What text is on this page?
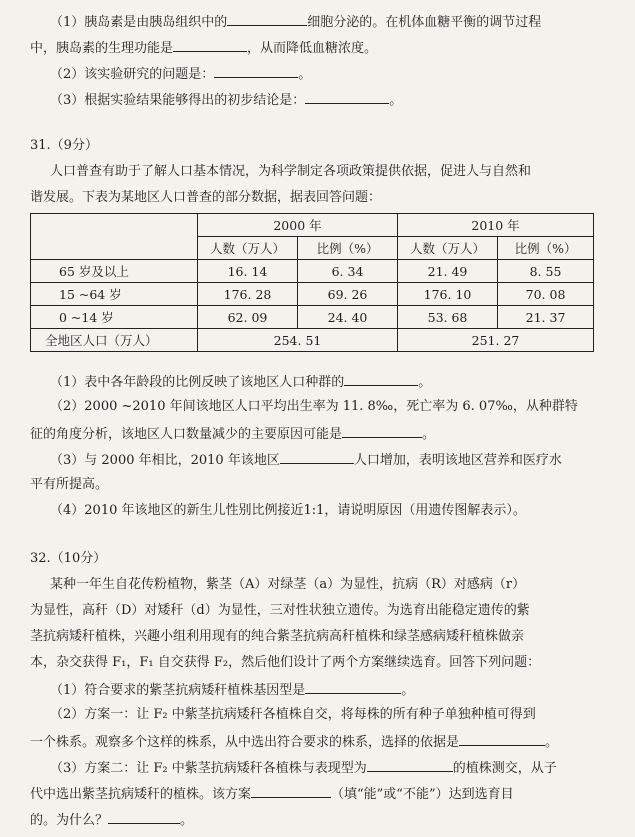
（1）胰岛素是由胰岛组织中的	细胞分泌的。在机体血糖平衡的调节过程
中，胰岛素的生理功能是	，从而降低血糖浓度。
（2）该实验研究的问题是：	。
（3）根据实验结果能够得出的初步结论是：	。
31.（9分）
人口普查有助于了解人口基本情况，为科学制定各项政策提供依据，促进人与自然和
谐发展。下表为某地区人口普查的部分数据，据表回答问题：
	2000 年		2010 年	
	人数（万人）	比例（%）	人数（万人）	比例（%）
65 岁及以上	16. 14	6. 34	21. 49	8. 55
15 ~64 岁	176. 28	69. 26	176. 10	70. 08
0 ~14 岁	62. 09	24. 40	53. 68	21. 37
全地区人口（万人）	254. 51		251. 27	
（1）表中各年龄段的比例反映了该地区人口种群的	。
（2）2000 ~2010 年间该地区人口平均出生率为 11. 8‰，死亡率为 6. 07‰，从种群特
征的角度分析，该地区人口数量减少的主要原因可能是	。
（3）与 2000 年相比，2010 年该地区	人口增加，表明该地区营养和医疗水
平有所提高。
（4）2010 年该地区的新生儿性别比例接近1:1，请说明原因（用遗传图解表示）。
32.（10分）
某种一年生自花传粉植物，紫茎（A）对绿茎（a）为显性，抗病（R）对感病（r）
为显性，高秆（D）对矮秆（d）为显性，三对性状独立遗传。为选育出能稳定遗传的紫
茎抗病矮秆植株，兴趣小组利用现有的纯合紫茎抗病高秆植株和绿茎感病矮秆植株做亲
本，杂交获得 F₁，F₁ 自交获得 F₂，然后他们设计了两个方案继续选育。回答下列问题：
（1）符合要求的紫茎抗病矮秆植株基因型是	。
（2）方案一：让 F₂ 中紫茎抗病矮秆各植株自交，将每株的所有种子单独种植可得到
一个株系。观察多个这样的株系，从中选出符合要求的株系，选择的依据是	。
（3）方案二：让 F₂ 中紫茎抗病矮秆各植株与表现型为	的植株测交，从子
代中选出紫茎抗病矮秆的植株。该方案	（填“能”或“不能”）达到选育目
的。为什么？	。
